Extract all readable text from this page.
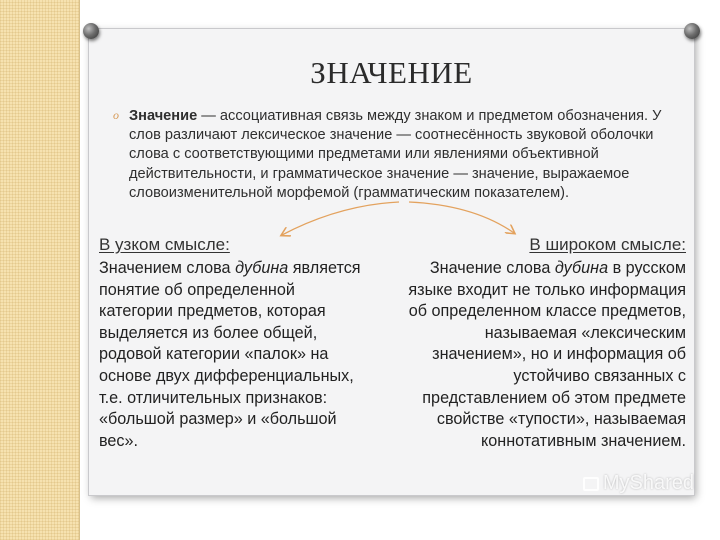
ЗНАЧЕНИЕ
o Значение — ассоциативная связь между знаком и предметом обозначения. У слов различают лексическое значение — соотнесённость звуковой оболочки слова с соответствующими предметами или явлениями объективной действительности, и грамматическое значение — значение, выражаемое словоизменительной морфемой (грамматическим показателем).

В узком смысле:

Значением слова дубина является понятие об определенной категории предметов, которая выделяется из более общей, родовой категории «палок» на основе двух дифференциальных, т.е. отличительных признаков: «большой размер» и «большой вес».

В широком смысле:

Значение слова дубина в русском языке входит не только информация об определенном классе предметов, называемая «лексическим значением», но и информация об устойчиво связанных с представлением об этом предмете свойстве «тупости», называемая коннотативным значением.

MyShared
